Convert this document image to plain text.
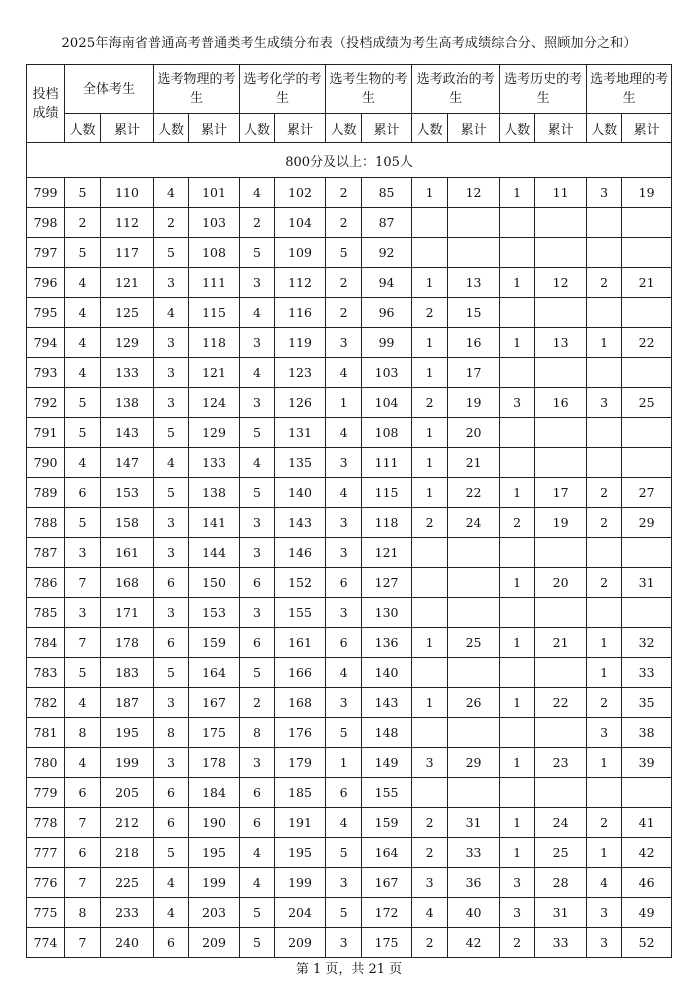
2025年海南省普通高考普通类考生成绩分布表（投档成绩为考生高考成绩综合分、照顾加分之和）
投档成绩	全体考生		选考物理的考生		选考化学的考生		选考生物的考生		选考政治的考生		选考历史的考生		选考地理的考生	
	人数	累计	人数	累计	人数	累计	人数	累计	人数	累计	人数	累计	人数	累计
800分及以上：105人														
799	5	110	4	101	4	102	2	85	1	12	1	11	3	19
798	2	112	2	103	2	104	2	87						
797	5	117	5	108	5	109	5	92						
796	4	121	3	111	3	112	2	94	1	13	1	12	2	21
795	4	125	4	115	4	116	2	96	2	15				
794	4	129	3	118	3	119	3	99	1	16	1	13	1	22
793	4	133	3	121	4	123	4	103	1	17				
792	5	138	3	124	3	126	1	104	2	19	3	16	3	25
791	5	143	5	129	5	131	4	108	1	20				
790	4	147	4	133	4	135	3	111	1	21				
789	6	153	5	138	5	140	4	115	1	22	1	17	2	27
788	5	158	3	141	3	143	3	118	2	24	2	19	2	29
787	3	161	3	144	3	146	3	121						
786	7	168	6	150	6	152	6	127			1	20	2	31
785	3	171	3	153	3	155	3	130						
784	7	178	6	159	6	161	6	136	1	25	1	21	1	32
783	5	183	5	164	5	166	4	140					1	33
782	4	187	3	167	2	168	3	143	1	26	1	22	2	35
781	8	195	8	175	8	176	5	148					3	38
780	4	199	3	178	3	179	1	149	3	29	1	23	1	39
779	6	205	6	184	6	185	6	155						
778	7	212	6	190	6	191	4	159	2	31	1	24	2	41
777	6	218	5	195	4	195	5	164	2	33	1	25	1	42
776	7	225	4	199	4	199	3	167	3	36	3	28	4	46
775	8	233	4	203	5	204	5	172	4	40	3	31	3	49
774	7	240	6	209	5	209	3	175	2	42	2	33	3	52
第 1 页，共 21 页
